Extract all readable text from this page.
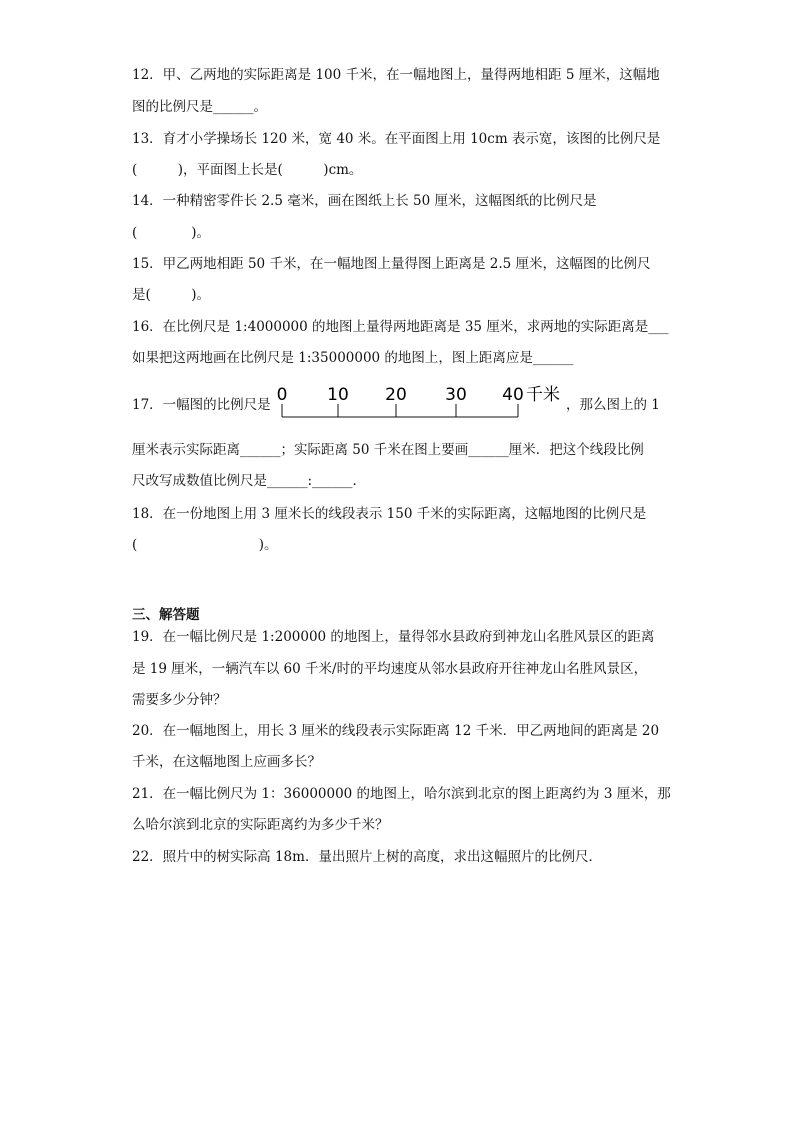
12．甲、乙两地的实际距离是 100 千米，在一幅地图上，量得两地相距 5 厘米，这幅地
图的比例尺是______。
13．育才小学操场长 120 米，宽 40 米。在平面图上用 10cm 表示宽，该图的比例尺是
(　　　)，平面图上长是(　　　)cm。
14．一种精密零件长 2.5 毫米，画在图纸上长 50 厘米，这幅图纸的比例尺是
(　　　　)。
15．甲乙两地相距 50 千米，在一幅地图上量得图上距离是 2.5 厘米，这幅图的比例尺
是(　　　)。
16．在比例尺是 1:4000000 的地图上量得两地距离是 35 厘米，求两地的实际距离是___
如果把这两地画在比例尺是 1:35000000 的地图上，图上距离应是______
17．一幅图的比例尺是 0 10 20 30 40 千米 ，那么图上的 1
厘米表示实际距离______；实际距离 50 千米在图上要画______厘米．把这个线段比例
尺改写成数值比例尺是______:______．
18．在一份地图上用 3 厘米长的线段表示 150 千米的实际距离，这幅地图的比例尺是
(　　　　　　　　　)。
三、解答题
19．在一幅比例尺是 1:200000 的地图上，量得邻水县政府到神龙山名胜风景区的距离
是 19 厘米，一辆汽车以 60 千米/时的平均速度从邻水县政府开往神龙山名胜风景区，
需要多少分钟？
20．在一幅地图上，用长 3 厘米的线段表示实际距离 12 千米．甲乙两地间的距离是 20
千米，在这幅地图上应画多长？
21．在一幅比例尺为 1：36000000 的地图上，哈尔滨到北京的图上距离约为 3 厘米，那
么哈尔滨到北京的实际距离约为多少千米？
22．照片中的树实际高 18m．量出照片上树的高度，求出这幅照片的比例尺．
